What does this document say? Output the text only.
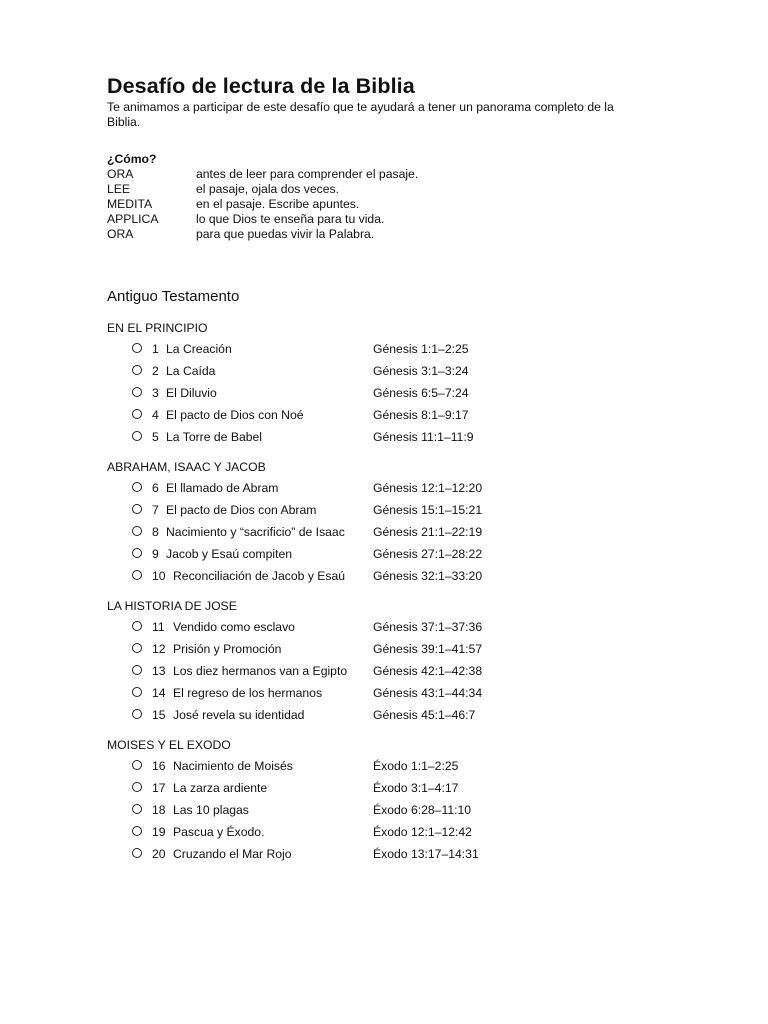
Desafío de lectura de la Biblia

Te animamos a participar de este desafío que te ayudará a tener un panorama completo de la Biblia.

¿Cómo?
ORA	antes de leer para comprender el pasaje.
LEE	el pasaje, ojala dos veces.
MEDITA	en el pasaje. Escribe apuntes.
APPLICA	lo que Dios te enseña para tu vida.
ORA	para que puedas vivir la Palabra.
Antiguo Testamento
EN EL PRINCIPIO
1 La Creación	Génesis 1:1–2:25
2 La Caída	Génesis 3:1–3:24
3 El Diluvio	Génesis 6:5–7:24
4 El pacto de Dios con Noé	Génesis 8:1–9:17
5 La Torre de Babel	Génesis 11:1–11:9
ABRAHAM, ISAAC Y JACOB
6 El llamado de Abram	Génesis 12:1–12:20
7 El pacto de Dios con Abram	Génesis 15:1–15:21
8 Nacimiento y “sacrificio” de Isaac Génesis 21:1–22:19
9 Jacob y Esaú compiten	Génesis 27:1–28:22
10 Reconciliación de Jacob y Esaú Génesis 32:1–33:20
LA HISTORIA DE JOSE
11 Vendido como esclavo	Génesis 37:1–37:36
12 Prisión y Promoción	Génesis 39:1–41:57
13 Los diez hermanos van a Egipto Génesis 42:1–42:38
14 El regreso de los hermanos	Génesis 43:1–44:34
15 José revela su identidad	Génesis 45:1–46:7
MOISES Y EL EXODO
16 Nacimiento de Moisés	Éxodo 1:1–2:25
17 La zarza ardiente	Éxodo 3:1–4:17
18 Las 10 plagas	Éxodo 6:28–11:10
19 Pascua y Éxodo.	Éxodo 12:1–12:42
20 Cruzando el Mar Rojo	Éxodo 13:17–14:31
